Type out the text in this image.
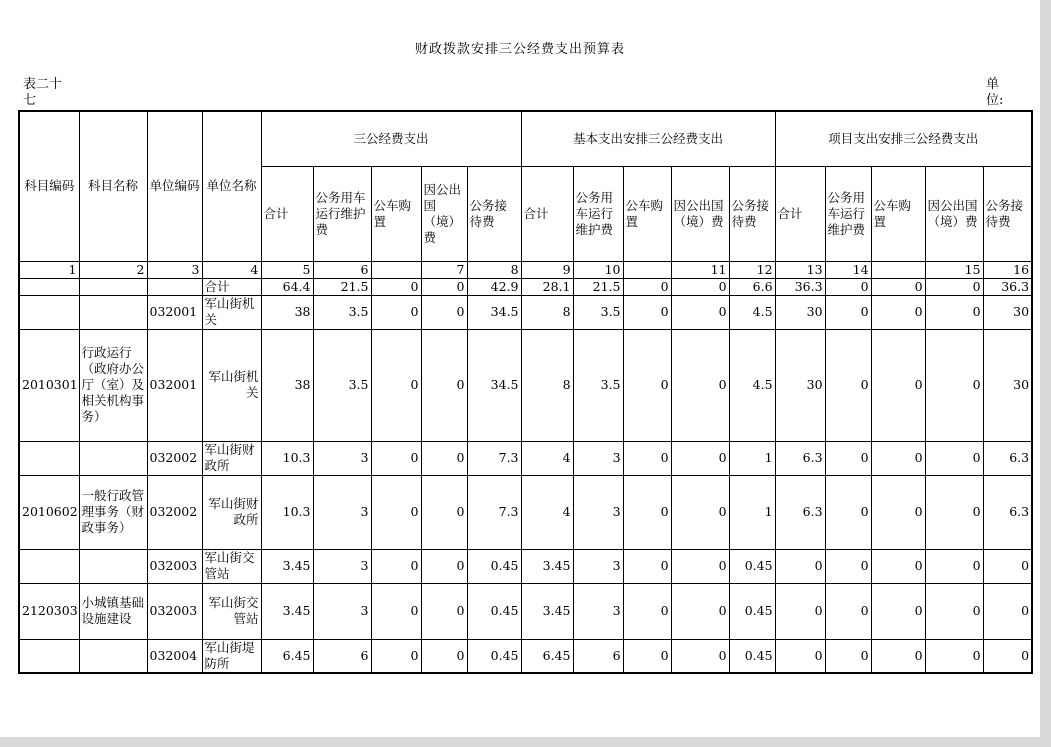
财政拨款安排三公经费支出预算表
表二十七
单位:
科目编码	科目名称	单位编码	单位名称	三公经费支出					基本支出安排三公经费支出					项目支出安排三公经费支出				
				合计	公务用车运行维护费	公车购置	因公出国（境）费	公务接待费	合计	公务用车运行维护费	公车购置	因公出国（境）费	公务接待费	合计	公务用车运行维护费	公车购置	因公出国（境）费	公务接待费
1	2	3	4	5	6		7	8	9	10		11	12	13	14		15	16
			合计	64.4	21.5	0	0	42.9	28.1	21.5	0	0	6.6	36.3	0	0	0	36.3
		032001	军山街机关	38	3.5	0	0	34.5	8	3.5	0	0	4.5	30	0	0	0	30
2010301	行政运行（政府办公厅（室）及相关机构事务）	032001	军山街机关	38	3.5	0	0	34.5	8	3.5	0	0	4.5	30	0	0	0	30
		032002	军山街财政所	10.3	3	0	0	7.3	4	3	0	0	1	6.3	0	0	0	6.3
2010602	一般行政管理事务（财政事务）	032002	军山街财政所	10.3	3	0	0	7.3	4	3	0	0	1	6.3	0	0	0	6.3
		032003	军山街交管站	3.45	3	0	0	0.45	3.45	3	0	0	0.45	0	0	0	0	0
2120303	小城镇基础设施建设	032003	军山街交管站	3.45	3	0	0	0.45	3.45	3	0	0	0.45	0	0	0	0	0
		032004	军山街堤防所	6.45	6	0	0	0.45	6.45	6	0	0	0.45	0	0	0	0	0
